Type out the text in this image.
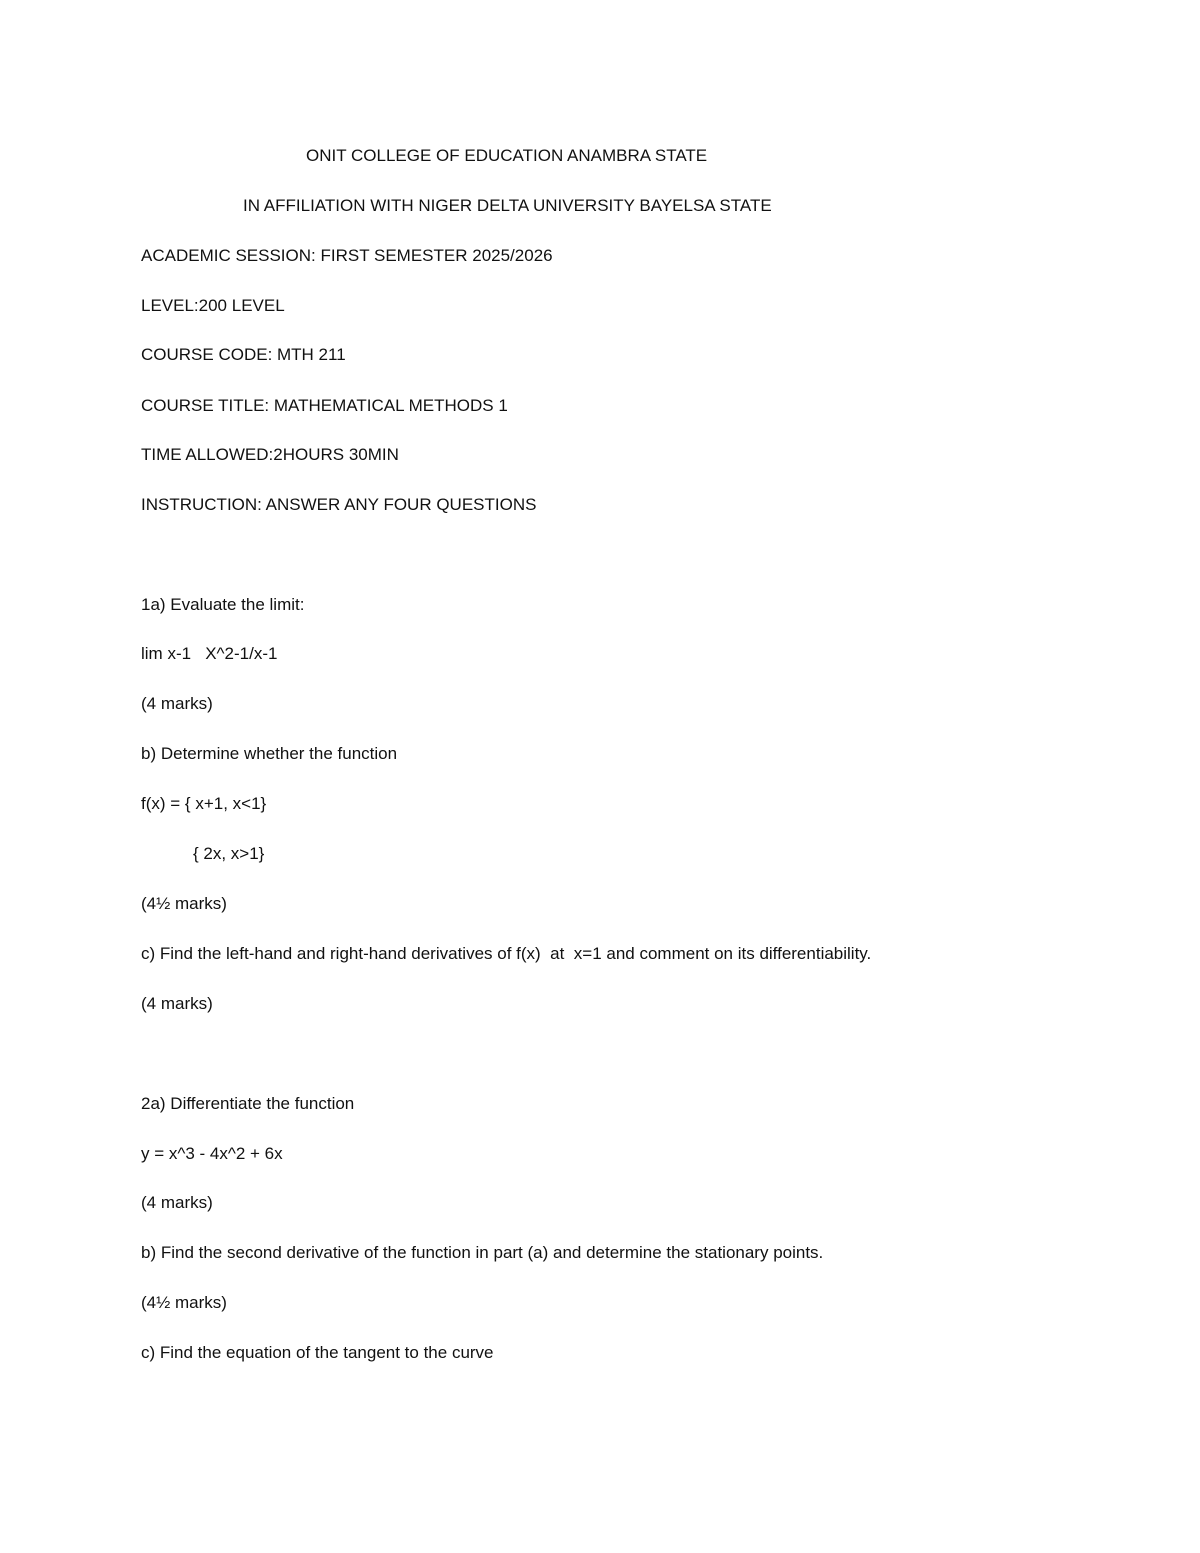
ONIT COLLEGE OF EDUCATION ANAMBRA STATE
IN AFFILIATION WITH NIGER DELTA UNIVERSITY BAYELSA STATE
ACADEMIC SESSION: FIRST SEMESTER 2025/2026
LEVEL:200 LEVEL
COURSE CODE: MTH 211
COURSE TITLE: MATHEMATICAL METHODS 1
TIME ALLOWED:2HOURS 30MIN
INSTRUCTION: ANSWER ANY FOUR QUESTIONS
1a) Evaluate the limit:
lim x-1   X^2-1/x-1
(4 marks)
b) Determine whether the function
f(x) = { x+1, x<1}
{ 2x, x>1}
(4½ marks)
c) Find the left-hand and right-hand derivatives of f(x)  at  x=1 and comment on its differentiability.
(4 marks)
2a) Differentiate the function
y = x^3 - 4x^2 + 6x
(4 marks)
b) Find the second derivative of the function in part (a) and determine the stationary points.
(4½ marks)
c) Find the equation of the tangent to the curve
